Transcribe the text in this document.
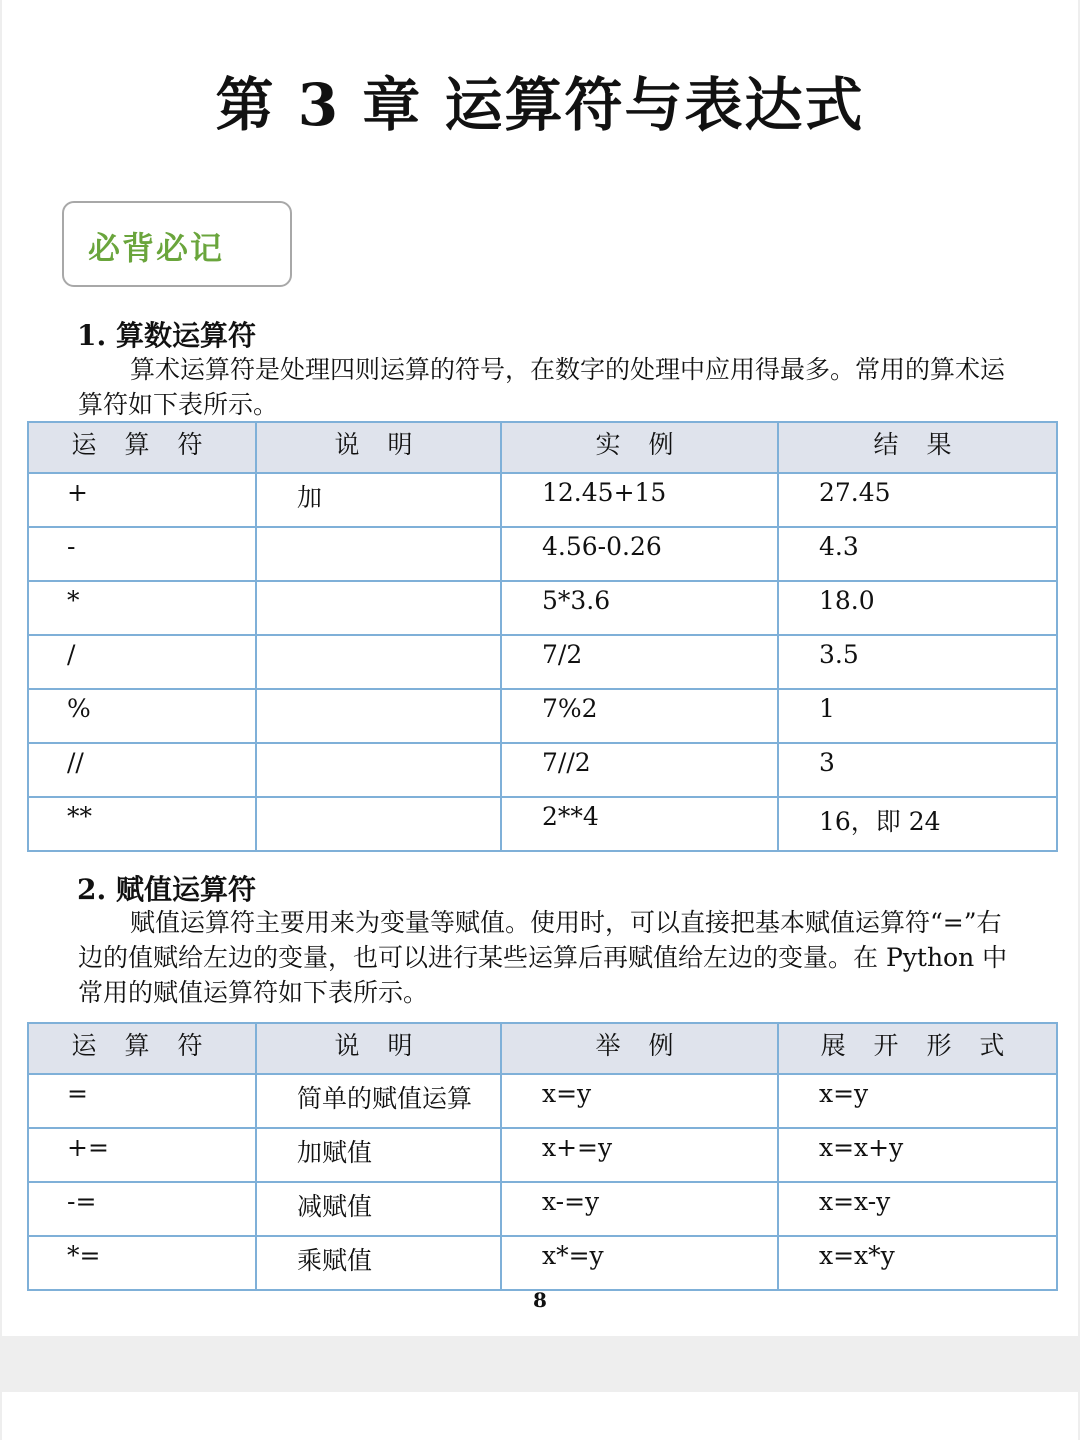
第 3 章 运算符与表达式
必背必记
1. 算数运算符
算术运算符是处理四则运算的符号，在数字的处理中应用得最多。常用的算术运算符如下表所示。
运 算 符	说 明	实 例	结 果
+	加	12.45+15	27.45
-		4.56-0.26	4.3
*		5*3.6	18.0
/		7/2	3.5
%		7%2	1
//		7//2	3
**		2**4	16，即 24
2. 赋值运算符
赋值运算符主要用来为变量等赋值。使用时，可以直接把基本赋值运算符“=”右边的值赋给左边的变量，也可以进行某些运算后再赋值给左边的变量。在 Python 中常用的赋值运算符如下表所示。
运 算 符	说 明	举 例	展 开 形 式
=	简单的赋值运算	x=y	x=y
+=	加赋值	x+=y	x=x+y
-=	减赋值	x-=y	x=x-y
*=	乘赋值	x*=y	x=x*y
8
